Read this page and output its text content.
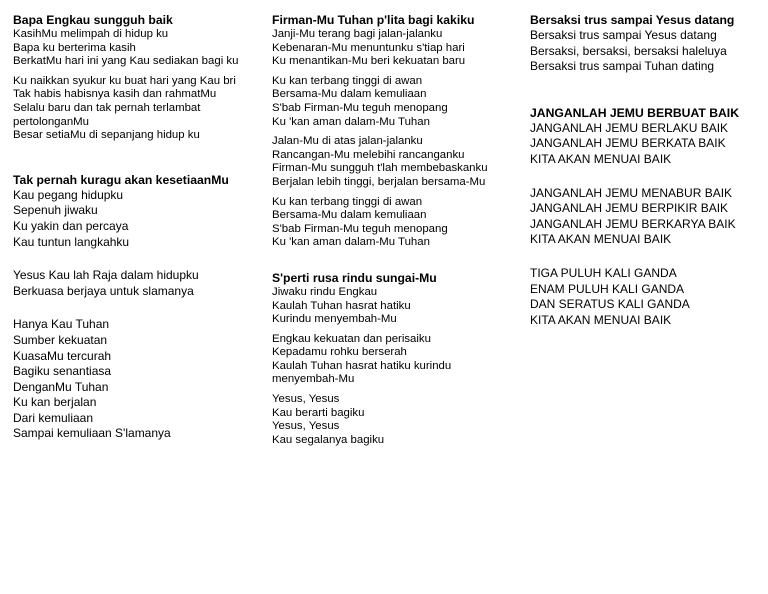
Bapa Engkau sungguh baik
KasihMu melimpah di hidup ku
Bapa ku berterima kasih
BerkatMu hari ini yang Kau sediakan bagi ku
Ku naikkan syukur ku buat hari yang Kau bri
Tak habis habisnya kasih dan rahmatMu
Selalu baru dan tak pernah terlambat pertolonganMu
Besar setiaMu di sepanjang hidup ku
Tak pernah kuragu akan kesetiaanMu
Kau pegang hidupku
Sepenuh jiwaku
Ku yakin dan percaya
Kau tuntun langkahku
Yesus Kau lah Raja dalam hidupku
Berkuasa berjaya untuk slamanya
Hanya Kau Tuhan
Sumber kekuatan
KuasaMu tercurah
Bagiku senantiasa
DenganMu Tuhan
Ku kan berjalan
Dari kemuliaan
Sampai kemuliaan S'lamanya
Firman-Mu Tuhan p'lita bagi kakiku
Janji-Mu terang bagi jalan-jalanku
Kebenaran-Mu menuntunku s'tiap hari
Ku menantikan-Mu beri kekuatan baru
Ku kan terbang tinggi di awan
Bersama-Mu dalam kemuliaan
S'bab Firman-Mu teguh menopang
Ku 'kan aman dalam-Mu Tuhan
Jalan-Mu di atas jalan-jalanku
Rancangan-Mu melebihi rancanganku
Firman-Mu sungguh t'lah membebaskanku
Berjalan lebih tinggi, berjalan bersama-Mu
Ku kan terbang tinggi di awan
Bersama-Mu dalam kemuliaan
S'bab Firman-Mu teguh menopang
Ku 'kan aman dalam-Mu Tuhan
S'perti rusa rindu sungai-Mu
Jiwaku rindu Engkau
Kaulah Tuhan hasrat hatiku
Kurindu menyembah-Mu
Engkau kekuatan dan perisaiku
Kepadamu rohku berserah
Kaulah Tuhan hasrat hatiku kurindu menyembah-Mu
Yesus, Yesus
Kau berarti bagiku
Yesus, Yesus
Kau segalanya bagiku
Bersaksi trus sampai Yesus datang
Bersaksi trus sampai Yesus datang
Bersaksi, bersaksi, bersaksi haleluya
Bersaksi trus sampai Tuhan dating
JANGANLAH JEMU BERBUAT BAIK
JANGANLAH JEMU BERLAKU BAIK
JANGANLAH JEMU BERKATA BAIK
KITA AKAN MENUAI BAIK
JANGANLAH JEMU MENABUR BAIK
JANGANLAH JEMU BERPIKIR BAIK
JANGANLAH JEMU BERKARYA BAIK
KITA AKAN MENUAI BAIK
TIGA PULUH KALI GANDA
ENAM PULUH KALI GANDA
DAN SERATUS KALI GANDA
KITA AKAN MENUAI BAIK
